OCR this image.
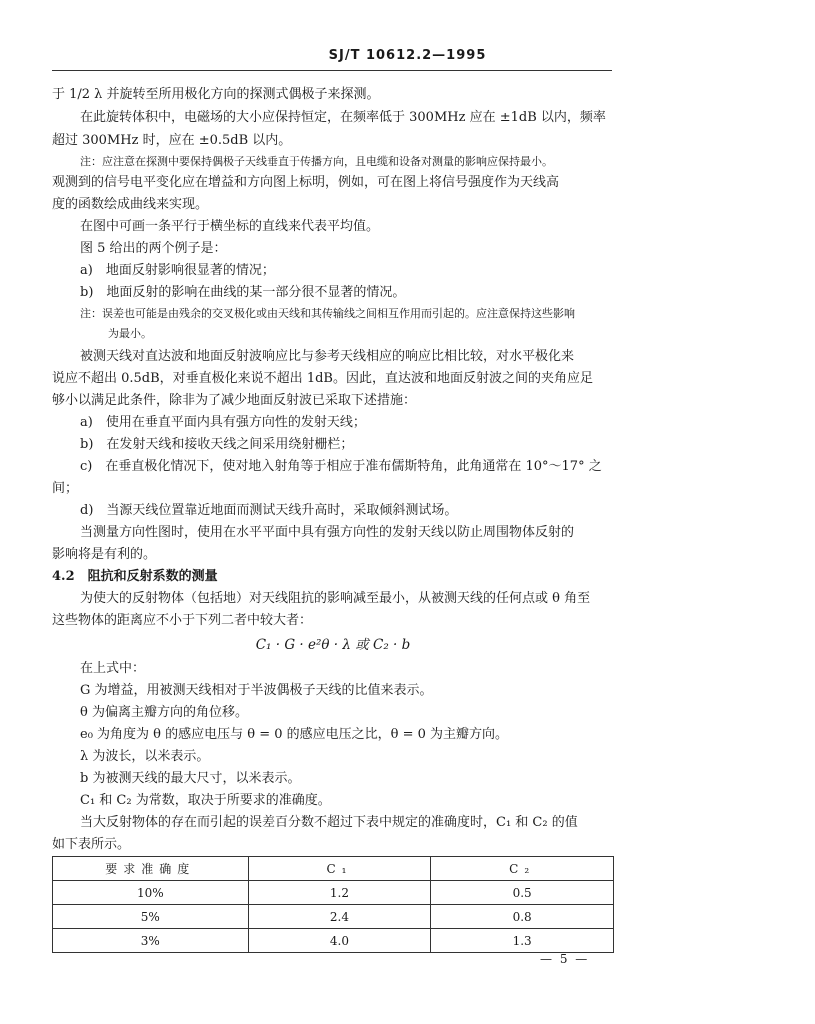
SJ/T 10612.2—1995
于 1/2 λ 并旋转至所用极化方向的探测式偶极子来探测。
在此旋转体积中，电磁场的大小应保持恒定，在频率低于 300MHz 应在 ±1dB 以内，频率
超过 300MHz 时，应在 ±0.5dB 以内。
注：应注意在探测中要保持偶极子天线垂直于传播方向，且电缆和设备对测量的影响应保持最小。
观测到的信号电平变化应在增益和方向图上标明，例如，可在图上将信号强度作为天线高
度的函数绘成曲线来实现。
在图中可画一条平行于横坐标的直线来代表平均值。
图 5 给出的两个例子是：
a)　地面反射影响很显著的情况；
b)　地面反射的影响在曲线的某一部分很不显著的情况。
注：误差也可能是由残余的交叉极化或由天线和其传输线之间相互作用而引起的。应注意保持这些影响
为最小。
被测天线对直达波和地面反射波响应比与参考天线相应的响应比相比较，对水平极化来
说应不超出 0.5dB，对垂直极化来说不超出 1dB。因此，直达波和地面反射波之间的夹角应足
够小以满足此条件，除非为了减少地面反射波已采取下述措施：
a)　使用在垂直平面内具有强方向性的发射天线；
b)　在发射天线和接收天线之间采用绕射栅栏；
c)　在垂直极化情况下，使对地入射角等于相应于准布儒斯特角，此角通常在 10°～17° 之
间；
d)　当源天线位置靠近地面而测试天线升高时，采取倾斜测试场。
当测量方向性图时，使用在水平平面中具有强方向性的发射天线以防止周围物体反射的
影响将是有利的。
4.2　阻抗和反射系数的测量
为使大的反射物体（包括地）对天线阻抗的影响减至最小，从被测天线的任何点或 θ 角至
这些物体的距离应不小于下列二者中较大者：
C₁ · G · e²θ · λ 或 C₂ · b
在上式中：
G 为增益，用被测天线相对于半波偶极子天线的比值来表示。
θ 为偏离主瓣方向的角位移。
e₀ 为角度为 θ 的感应电压与 θ = 0 的感应电压之比，θ = 0 为主瓣方向。
λ 为波长，以米表示。
b 为被测天线的最大尺寸，以米表示。
C₁ 和 C₂ 为常数，取决于所要求的准确度。
当大反射物体的存在而引起的误差百分数不超过下表中规定的准确度时，C₁ 和 C₂ 的值
如下表所示。
要求准确度	C₁	C₂
10%	1.2	0.5
5%	2.4	0.8
3%	4.0	1.3
— 5 —
